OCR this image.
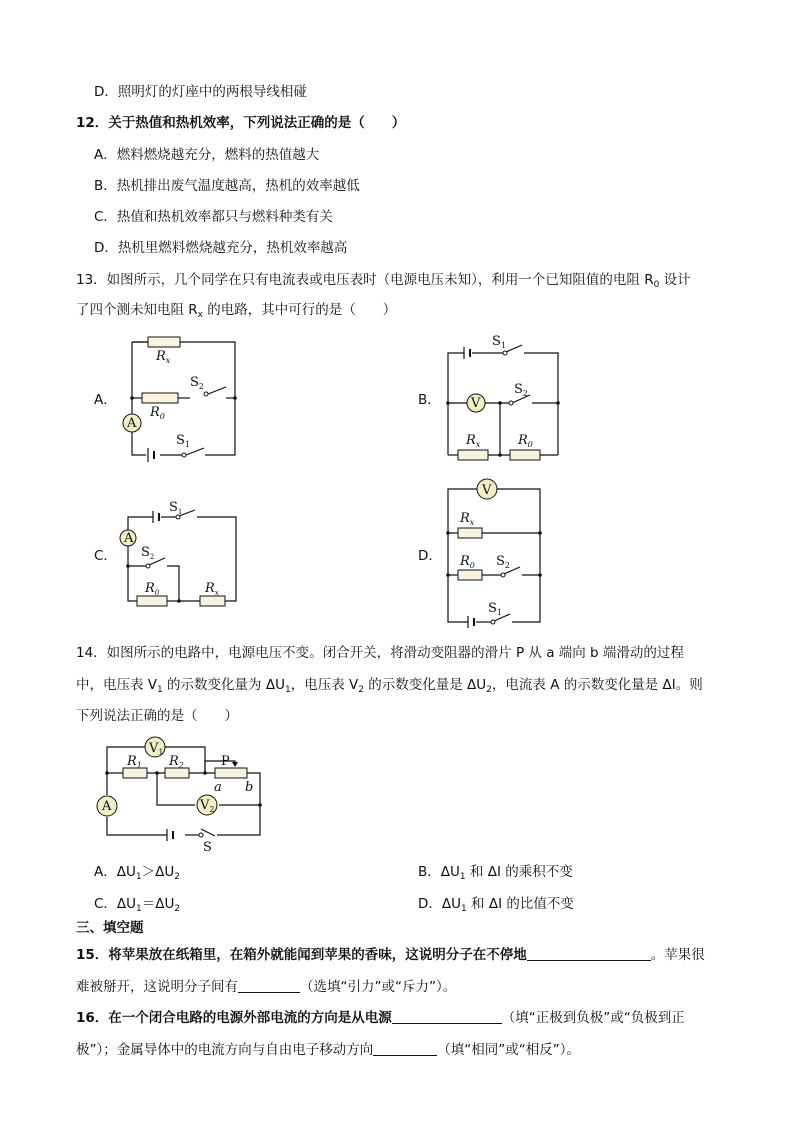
D．照明灯的灯座中的两根导线相碰
12．关于热值和热机效率，下列说法正确的是（　　）
A．燃料燃烧越充分，燃料的热值越大
B．热机排出废气温度越高，热机的效率越低
C．热值和热机效率都只与燃料种类有关
D．热机里燃料燃烧越充分，热机效率越高
13．如图所示，几个同学在只有电流表或电压表时（电源电压未知），利用一个已知阻值的电阻 $R_0$ 设计
了四个测未知电阻 $R_x$ 的电路，其中可行的是（　　）
A．	B．
C．	D．
A
$R_x$
$R_0$
$S_2$
$S_1$
V
$S_1$
$S_2$
$R_x$	$R_0$
A
$S_1$
$S_2$
$R_0$	$R_x$
V
$R_x$
$R_0$ $S_2$
$S_1$
14．如图所示的电路中，电源电压不变。闭合开关，将滑动变阻器的滑片 P 从 a 端向 b 端滑动的过程
中，电压表 $V_1$ 的示数变化量为 $\Delta U_1$，电压表 $V_2$ 的示数变化量是 $\Delta U_2$，电流表 A 的示数变化量是 ΔI。则
下列说法正确的是（　　）
$V_1$
A	$V_2$
$R_1$ $R_2$	P
a b
S
A．$\Delta U_1>\Delta U_2$	B．$\Delta U_1$ 和 ΔI 的乘积不变
C．$\Delta U_1=\Delta U_2$	D．$\Delta U_1$ 和 ΔI 的比值不变
三、填空题
15．将苹果放在纸箱里，在箱外就能闻到苹果的香味，这说明分子在不停地	。苹果很
难被掰开，这说明分子间有	（选填“引力”或“斥力”）。
16．在一个闭合电路的电源外部电流的方向是从电源	（填“正极到负极”或“负极到正
极”）；金属导体中的电流方向与自由电子移动方向	（填“相同”或“相反”）。
